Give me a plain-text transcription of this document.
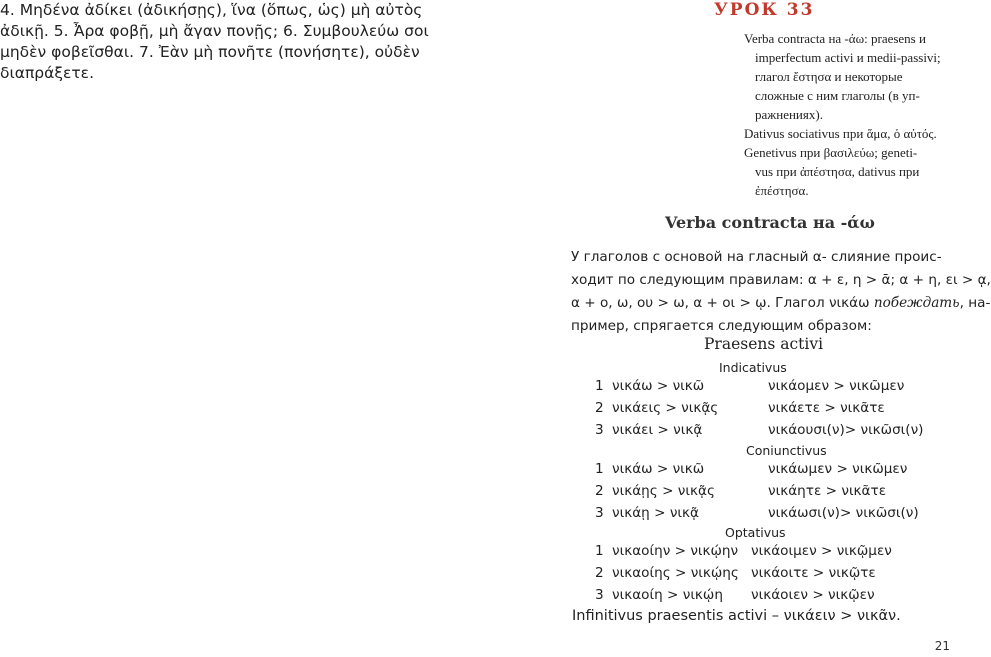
4. Μηδένα ἀδίκει (ἀδικήσῃς), ἵνα (ὅπως, ὡς) μὴ αὐτὸς

ἀδικῇ. 5. Ἆρα φοβῇ, μὴ ἄγαν πονῇς; 6. Συμβουλεύω σοι

μηδὲν φοβεῖσθαι. 7. Ἐὰν μὴ πονῆτε (πονήσητε), οὐδὲν

διαπράξετε.

УРОК 33

Verba contracta на -άω: praesens и

imperfectum activi и medii-passivi;

глагол ἔστησα и некоторые

сложные с ним глаголы (в уп-

ражнениях).

Dativus sociativus при ἅμα, ὁ αὐτός.

Genetivus при βασιλεύω; geneti-

vus при ἀπέστησα, dativus при

ἐπέστησα.

Verba contracta на -άω

У глаголов с основой на гласный α- слияние проис-

ходит по следующим правилам: α + ε, η > ᾱ; α + η, ει > ᾳ,

α + ο, ω, ου > ω, α + οι > ῳ. Глагол νικάω побеждать, на-

пример, спрягается следующим образом:

Praesens activi
Indicativus
1 νικάω > νικῶ	νικάομεν > νικῶμεν
2 νικάεις > νικᾷς	νικάετε > νικᾶτε
3 νικάει > νικᾷ	νικάουσι(ν)> νικῶσι(ν)
Coniunctivus
1 νικάω > νικῶ	νικάωμεν > νικῶμεν
2 νικάῃς > νικᾷς	νικάητε > νικᾶτε
3 νικάῃ > νικᾷ	νικάωσι(ν)> νικῶσι(ν)
Optativus
1 νικαοίην > νικῴην νικάοιμεν > νικῷμεν
2 νικαοίης > νικῴης νικάοιτε > νικῷτε
3 νικαοίη > νικῴη νικάοιεν > νικῷεν
Infinitivus praesentis activi – νικάειν > νικᾶν.
21
